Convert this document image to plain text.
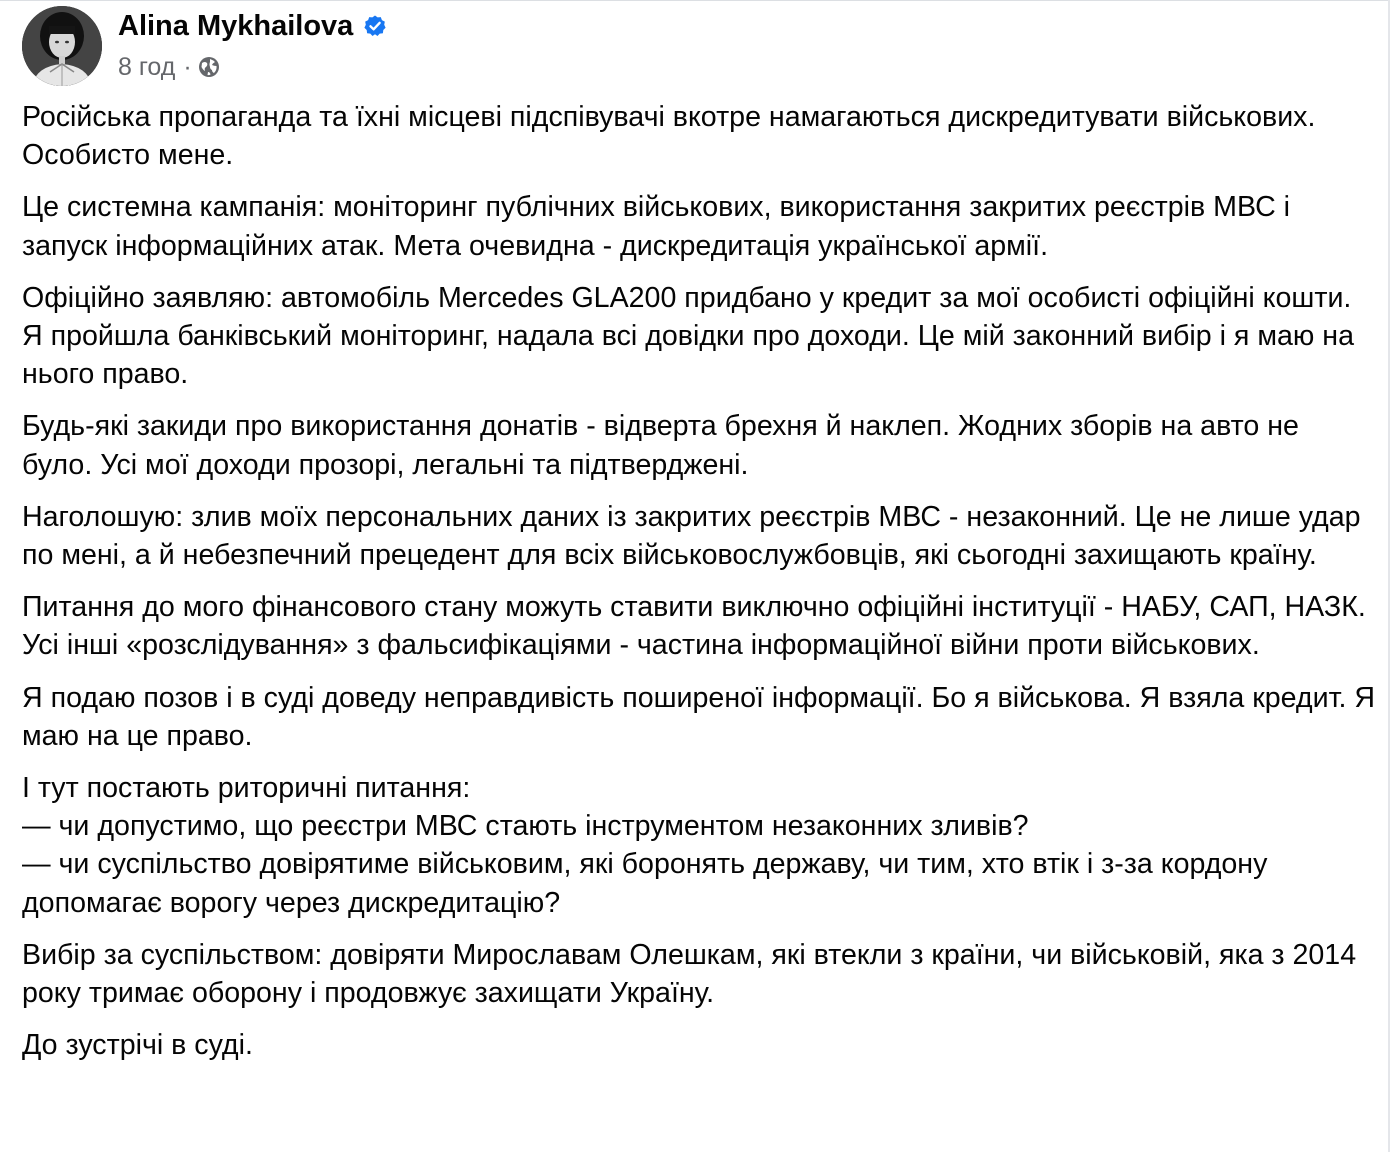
Alina Mykhailova
8 год ·

Російська пропаганда та їхні місцеві підспівувачі вкотре намагаються дискредитувати військових. Особисто мене.

Це системна кампанія: моніторинг публічних військових, використання закритих реєстрів МВС і запуск інформаційних атак. Мета очевидна - дискредитація української армії.

Офіційно заявляю: автомобіль Mercedes GLA200 придбано у кредит за мої особисті офіційні кошти. Я пройшла банківський моніторинг, надала всі довідки про доходи. Це мій законний вибір і я маю на нього право.

Будь-які закиди про використання донатів - відверта брехня й наклеп. Жодних зборів на авто не було. Усі мої доходи прозорі, легальні та підтверджені.

Наголошую: злив моїх персональних даних із закритих реєстрів МВС - незаконний. Це не лише удар по мені, а й небезпечний прецедент для всіх військовослужбовців, які сьогодні захищають країну.

Питання до мого фінансового стану можуть ставити виключно офіційні інституції - НАБУ, САП, НАЗК. Усі інші «розслідування» з фальсифікаціями - частина інформаційної війни проти військових.

Я подаю позов і в суді доведу неправдивість поширеної інформації. Бо я військова. Я взяла кредит. Я маю на це право.

І тут постають риторичні питання:
— чи допустимо, що реєстри МВС стають інструментом незаконних зливів?
— чи суспільство довірятиме військовим, які боронять державу, чи тим, хто втік і з-за кордону допомагає ворогу через дискредитацію?

Вибір за суспільством: довіряти Мирославам Олешкам, які втекли з країни, чи військовій, яка з 2014 року тримає оборону і продовжує захищати Україну.

До зустрічі в суді.
